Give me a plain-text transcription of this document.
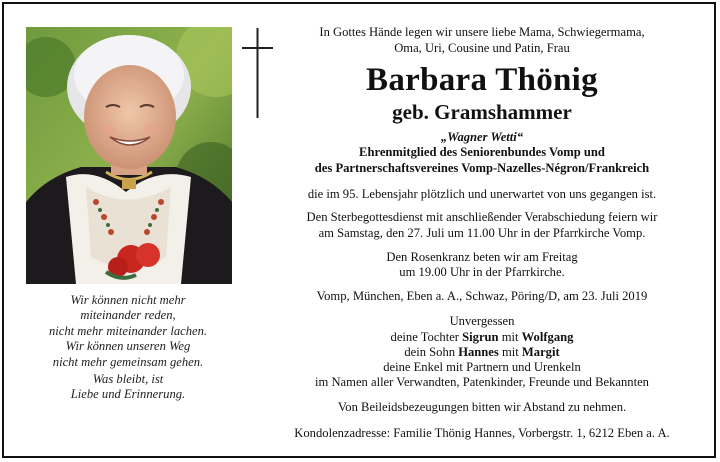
Wir können nicht mehr

miteinander reden,

nicht mehr miteinander lachen.

Wir können unseren Weg

nicht mehr gemeinsam gehen.

Was bleibt, ist

Liebe und Erinnerung.

In Gottes Hände legen wir unsere liebe Mama, Schwiegermama,
Oma, Uri, Cousine und Patin, Frau
Barbara Thönig
geb. Gramshammer
„Wagner Wetti“
Ehrenmitglied des Seniorenbundes Vomp und
des Partnerschaftsvereines Vomp-Nazelles-Négron/Frankreich
die im 95. Lebensjahr plötzlich und unerwartet von uns gegangen ist.
Den Sterbegottesdienst mit anschließender Verabschiedung feiern wir
am Samstag, den 27. Juli um 11.00 Uhr in der Pfarrkirche Vomp.
Den Rosenkranz beten wir am Freitag
um 19.00 Uhr in der Pfarrkirche.
Vomp, München, Eben a. A., Schwaz, Pöring/D, am 23. Juli 2019
Unvergessen
deine Tochter Sigrun mit Wolfgang
dein Sohn Hannes mit Margit
deine Enkel mit Partnern und Urenkeln
im Namen aller Verwandten, Patenkinder, Freunde und Bekannten
Von Beileidsbezeugungen bitten wir Abstand zu nehmen.
Kondolenzadresse: Familie Thönig Hannes, Vorbergstr. 1, 6212 Eben a. A.
